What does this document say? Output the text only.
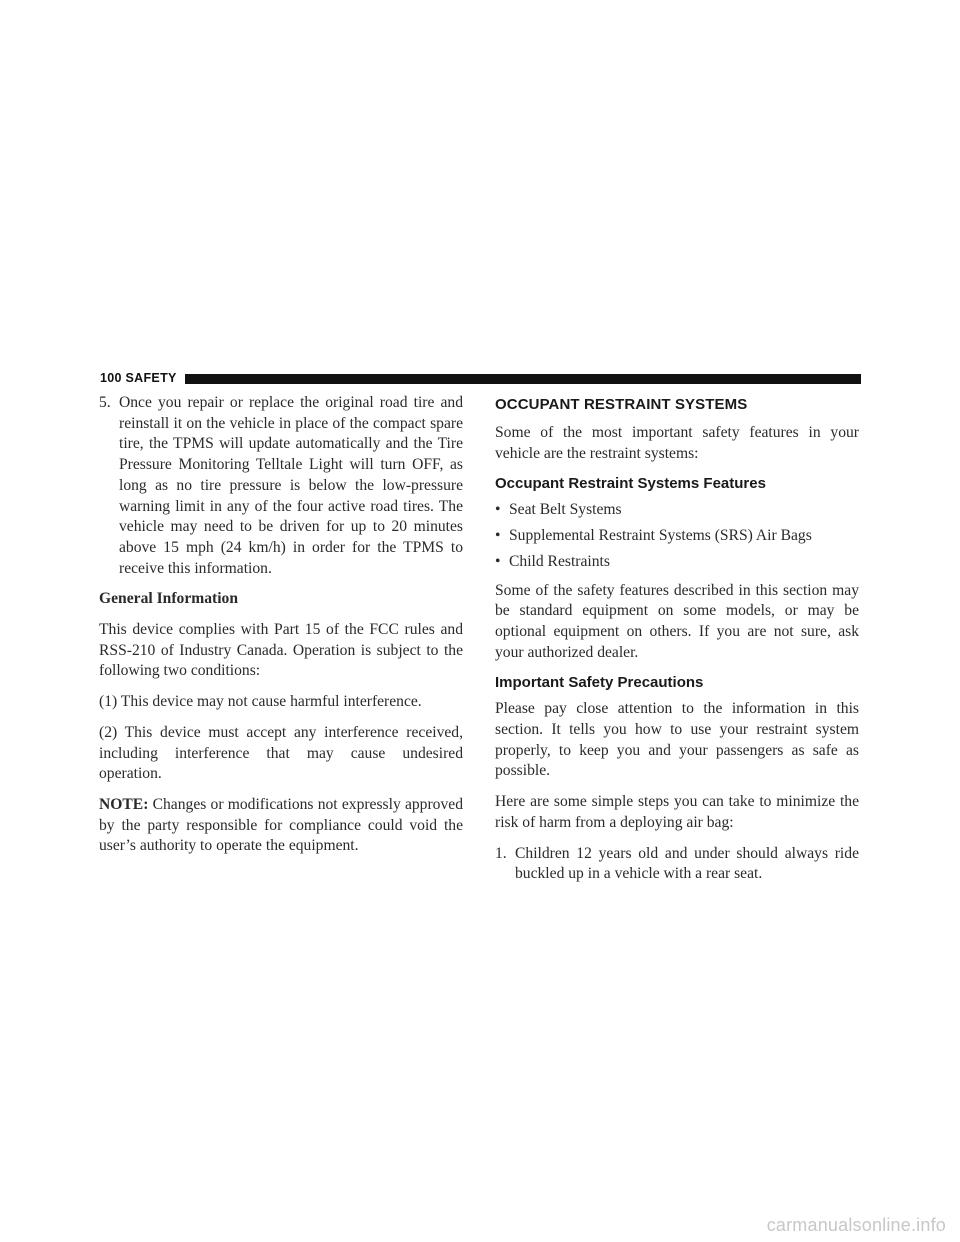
100 SAFETY
5. Once you repair or replace the original road tire and reinstall it on the vehicle in place of the compact spare tire, the TPMS will update automatically and the Tire Pressure Monitoring Telltale Light will turn OFF, as long as no tire pressure is below the low-pressure warning limit in any of the four active road tires. The vehicle may need to be driven for up to 20 minutes above 15 mph (24 km/h) in order for the TPMS to receive this information.

General Information

This device complies with Part 15 of the FCC rules and RSS-210 of Industry Canada. Operation is subject to the following two conditions:

(1) This device may not cause harmful interference.

(2) This device must accept any interference received, including interference that may cause undesired operation.

NOTE: Changes or modifications not expressly approved by the party responsible for compliance could void the user’s authority to operate the equipment.

OCCUPANT RESTRAINT SYSTEMS

Some of the most important safety features in your vehicle are the restraint systems:

Occupant Restraint Systems Features
• Seat Belt Systems
• Supplemental Restraint Systems (SRS) Air Bags
• Child Restraints

Some of the safety features described in this section may be standard equipment on some models, or may be optional equipment on others. If you are not sure, ask your authorized dealer.

Important Safety Precautions

Please pay close attention to the information in this section. It tells you how to use your restraint system properly, to keep you and your passengers as safe as possible.

Here are some simple steps you can take to minimize the risk of harm from a deploying air bag:

1. Children 12 years old and under should always ride buckled up in a vehicle with a rear seat.
carmanualsonline.info
